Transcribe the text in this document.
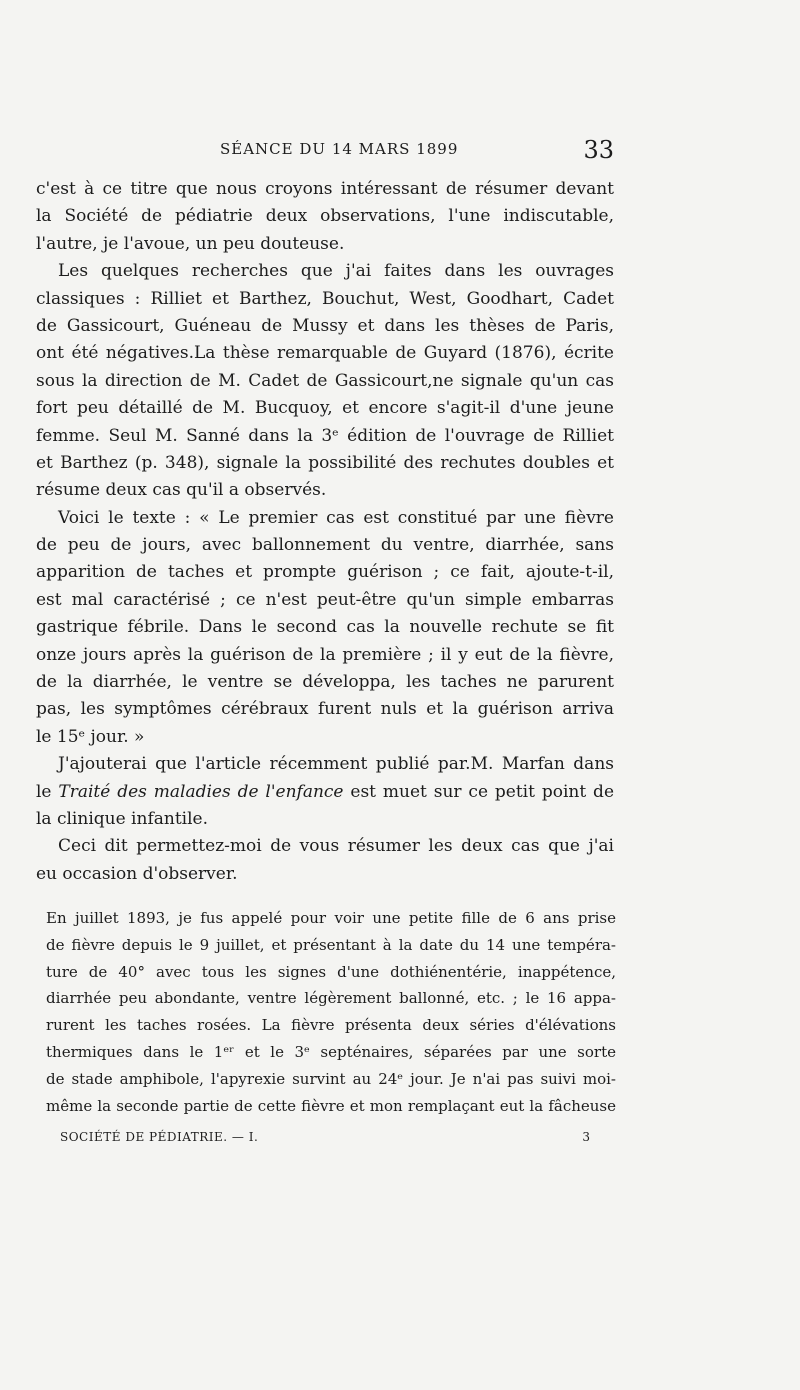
SÉANCE DU 14 MARS 1899	33
c'est à ce titre que nous croyons intéressant de résumer devant
la Société de pédiatrie deux observations, l'une indiscutable,
l'autre, je l'avoue, un peu douteuse.
Les quelques recherches que j'ai faites dans les ouvrages
classiques : Rilliet et Barthez, Bouchut, West, Goodhart, Cadet
de Gassicourt, Guéneau de Mussy et dans les thèses de Paris,
ont été négatives.La thèse remarquable de Guyard (1876), écrite
sous la direction de M. Cadet de Gassicourt,ne signale qu'un cas
fort peu détaillé de M. Bucquoy, et encore s'agit-il d'une jeune
femme. Seul M. Sanné dans la 3ᵉ édition de l'ouvrage de Rilliet
et Barthez (p. 348), signale la possibilité des rechutes doubles et
résume deux cas qu'il a observés.
Voici le texte : « Le premier cas est constitué par une fièvre
de peu de jours, avec ballonnement du ventre, diarrhée, sans
apparition de taches et prompte guérison ; ce fait, ajoute-t-il,
est mal caractérisé ; ce n'est peut-être qu'un simple embarras
gastrique fébrile. Dans le second cas la nouvelle rechute se fit
onze jours après la guérison de la première ; il y eut de la fièvre,
de la diarrhée, le ventre se développa, les taches ne parurent
pas, les symptômes cérébraux furent nuls et la guérison arriva
le 15ᵉ jour. »
J'ajouterai que l'article récemment publié par.M. Marfan dans
le Traité des maladies de l'enfance est muet sur ce petit point de
la clinique infantile.
Ceci dit permettez-moi de vous résumer les deux cas que j'ai
eu occasion d'observer.
En juillet 1893, je fus appelé pour voir une petite fille de 6 ans prise
de fièvre depuis le 9 juillet, et présentant à la date du 14 une tempéra-
ture de 40° avec tous les signes d'une dothiénentérie, inappétence,
diarrhée peu abondante, ventre légèrement ballonné, etc. ; le 16 appa-
rurent les taches rosées. La fièvre présenta deux séries d'élévations
thermiques dans le 1ᵉʳ et le 3ᵉ septénaires, séparées par une sorte
de stade amphibole, l'apyrexie survint au 24ᵉ jour. Je n'ai pas suivi moi-
même la seconde partie de cette fièvre et mon remplaçant eut la fâcheuse
SOCIÉTÉ DE PÉDIATRIE. — I.	3
